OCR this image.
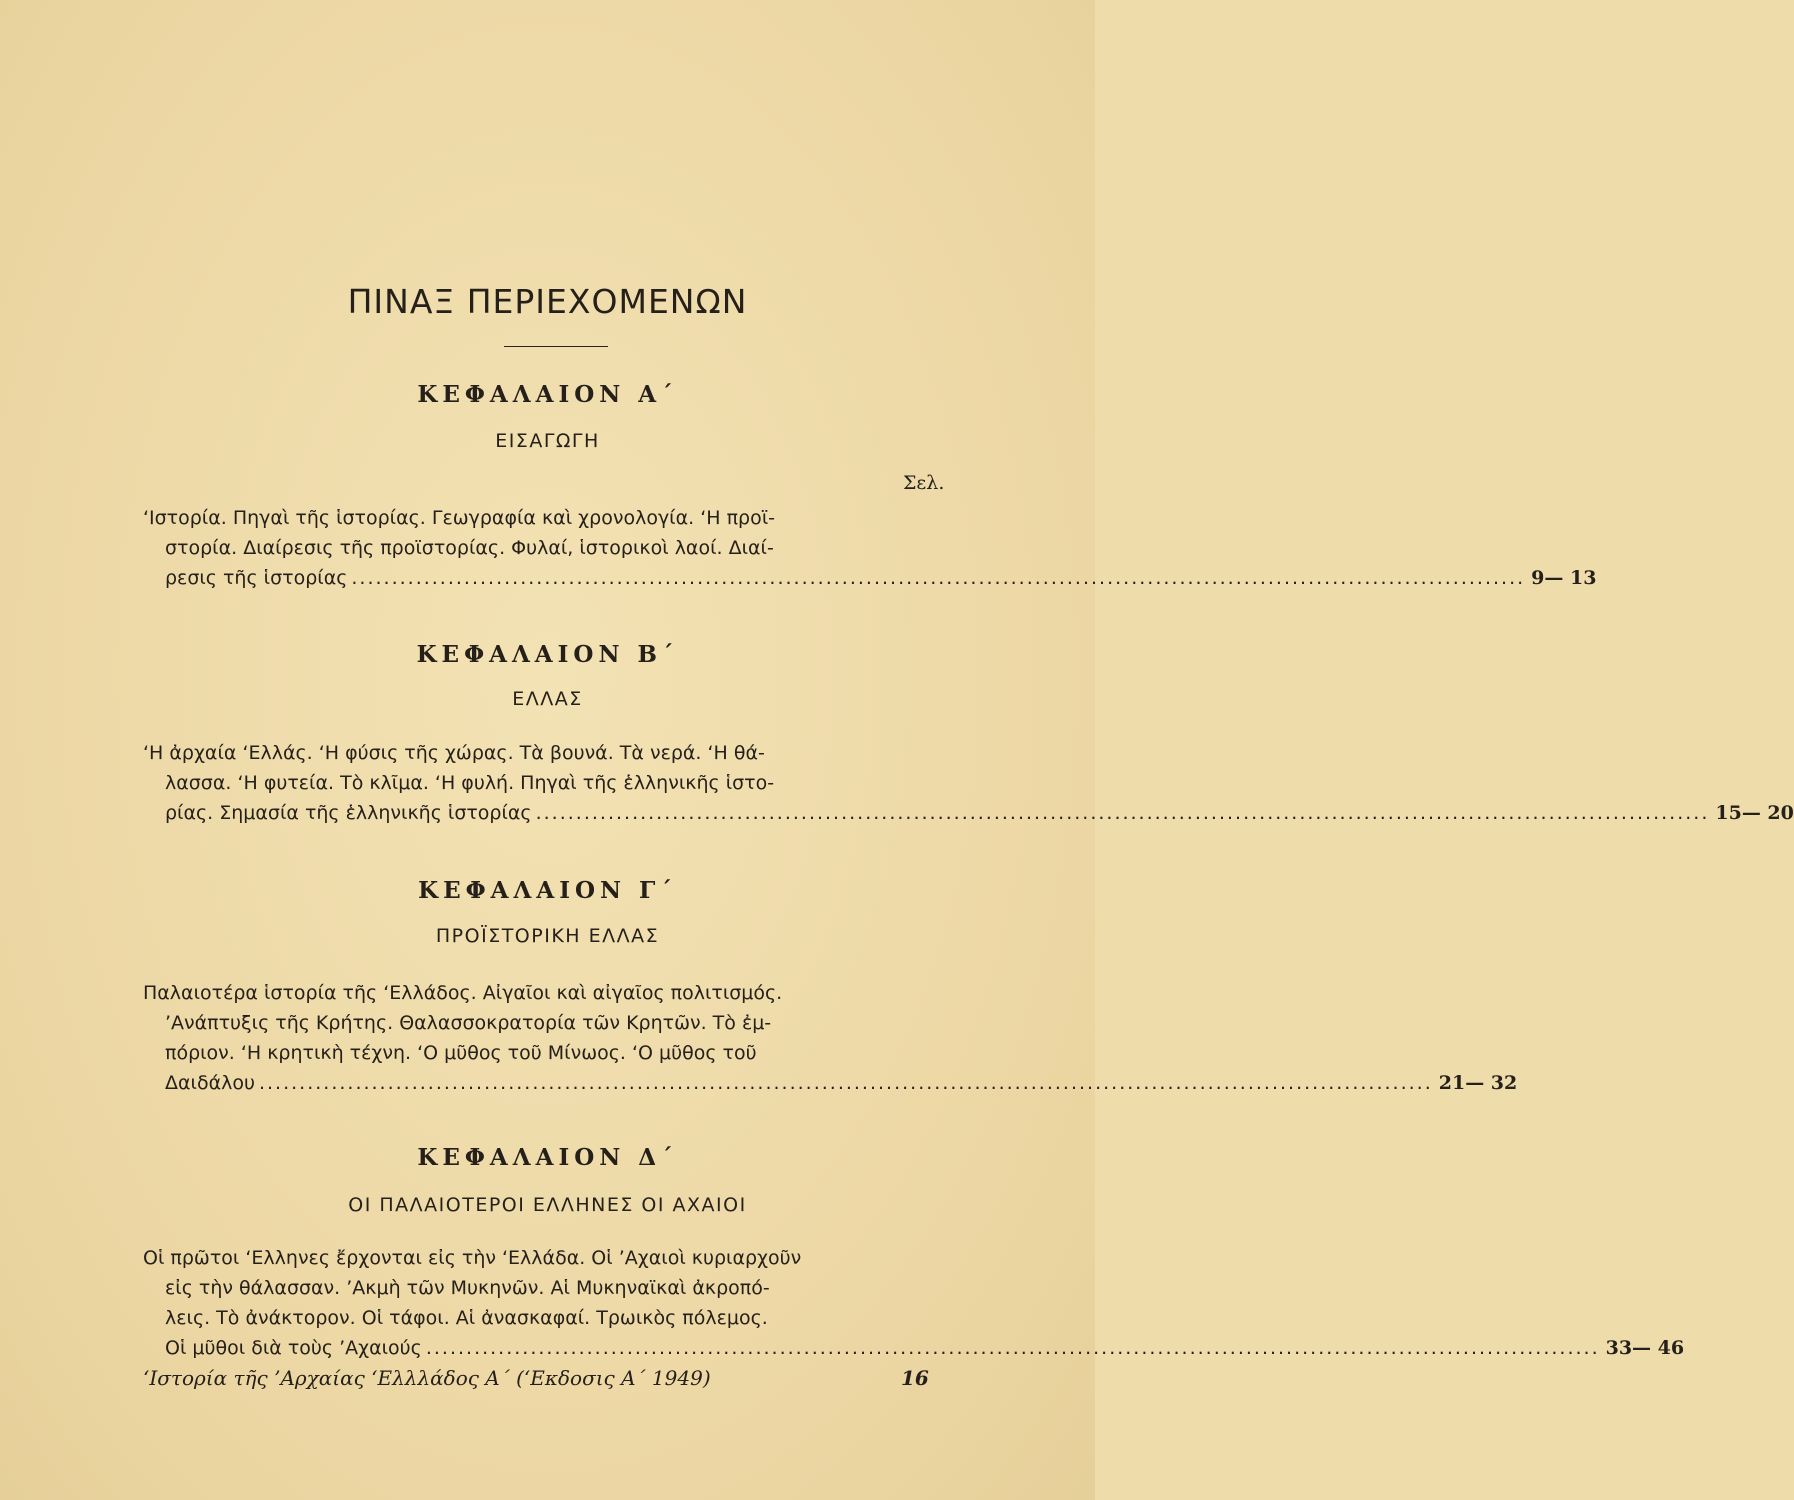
ΠΙΝΑΞ ΠΕΡΙΕΧΟΜΕΝΩΝ
ΚΕΦΑΛΑΙΟΝ Α΄
ΕΙΣΑΓΩΓΗ
Σελ.
‘Ιστορία. Πηγαὶ τῆς ἱστορίας. Γεωγραφία καὶ χρονολογία. ‘Η προϊ-
στορία. Διαίρεσις τῆς προϊστορίας. Φυλαί, ἱστορικοὶ λαοί. Διαί-
ρεσις τῆς ἱστορίας .................................................................................................................................................. 9— 13
ΚΕΦΑΛΑΙΟΝ Β΄
ΕΛΛΑΣ
‘Η ἀρχαία ‘Ελλάς. ‘Η φύσις τῆς χώρας. Τὰ βουνά. Τὰ νερά. ‘Η θά-
λασσα. ‘Η φυτεία. Τὸ κλῖμα. ‘Η φυλή. Πηγαὶ τῆς ἑλληνικῆς ἱστο-
ρίας. Σημασία τῆς ἑλληνικῆς ἱστορίας .................................................................................................................................................. 15— 20
ΚΕΦΑΛΑΙΟΝ Γ΄
ΠΡΟΪΣΤΟΡΙΚΗ ΕΛΛΑΣ
Παλαιοτέρα ἱστορία τῆς ‘Ελλάδος. Αἰγαῖοι καὶ αἰγαῖος πολιτισμός.
’Ανάπτυξις τῆς Κρήτης. Θαλασσοκρατορία τῶν Κρητῶν. Τὸ ἐμ-
πόριον. ‘Η κρητικὴ τέχνη. ‘Ο μῦθος τοῦ Μίνωος. ‘Ο μῦθος τοῦ
Δαιδάλου .................................................................................................................................................. 21— 32
ΚΕΦΑΛΑΙΟΝ Δ΄
ΟΙ ΠΑΛΑΙΟΤΕΡΟΙ ΕΛΛΗΝΕΣ ΟΙ ΑΧΑΙΟΙ
Οἱ πρῶτοι ‘Ελληνες ἔρχονται εἰς τὴν ‘Ελλάδα. Οἱ ’Αχαιοὶ κυριαρχοῦν
εἰς τὴν θάλασσαν. ’Ακμὴ τῶν Μυκηνῶν. Αἱ Μυκηναϊκαὶ ἀκροπό-
λεις. Τὸ ἀνάκτορον. Οἱ τάφοι. Αἱ ἀνασκαφαί. Τρωικὸς πόλεμος.
Οἱ μῦθοι διὰ τοὺς ’Αχαιούς .................................................................................................................................................. 33— 46
‘Ιστορία τῆς ’Αρχαίας ‘Ελλλάδος Α΄ (‘Εκδοσις Α΄ 1949)	16
